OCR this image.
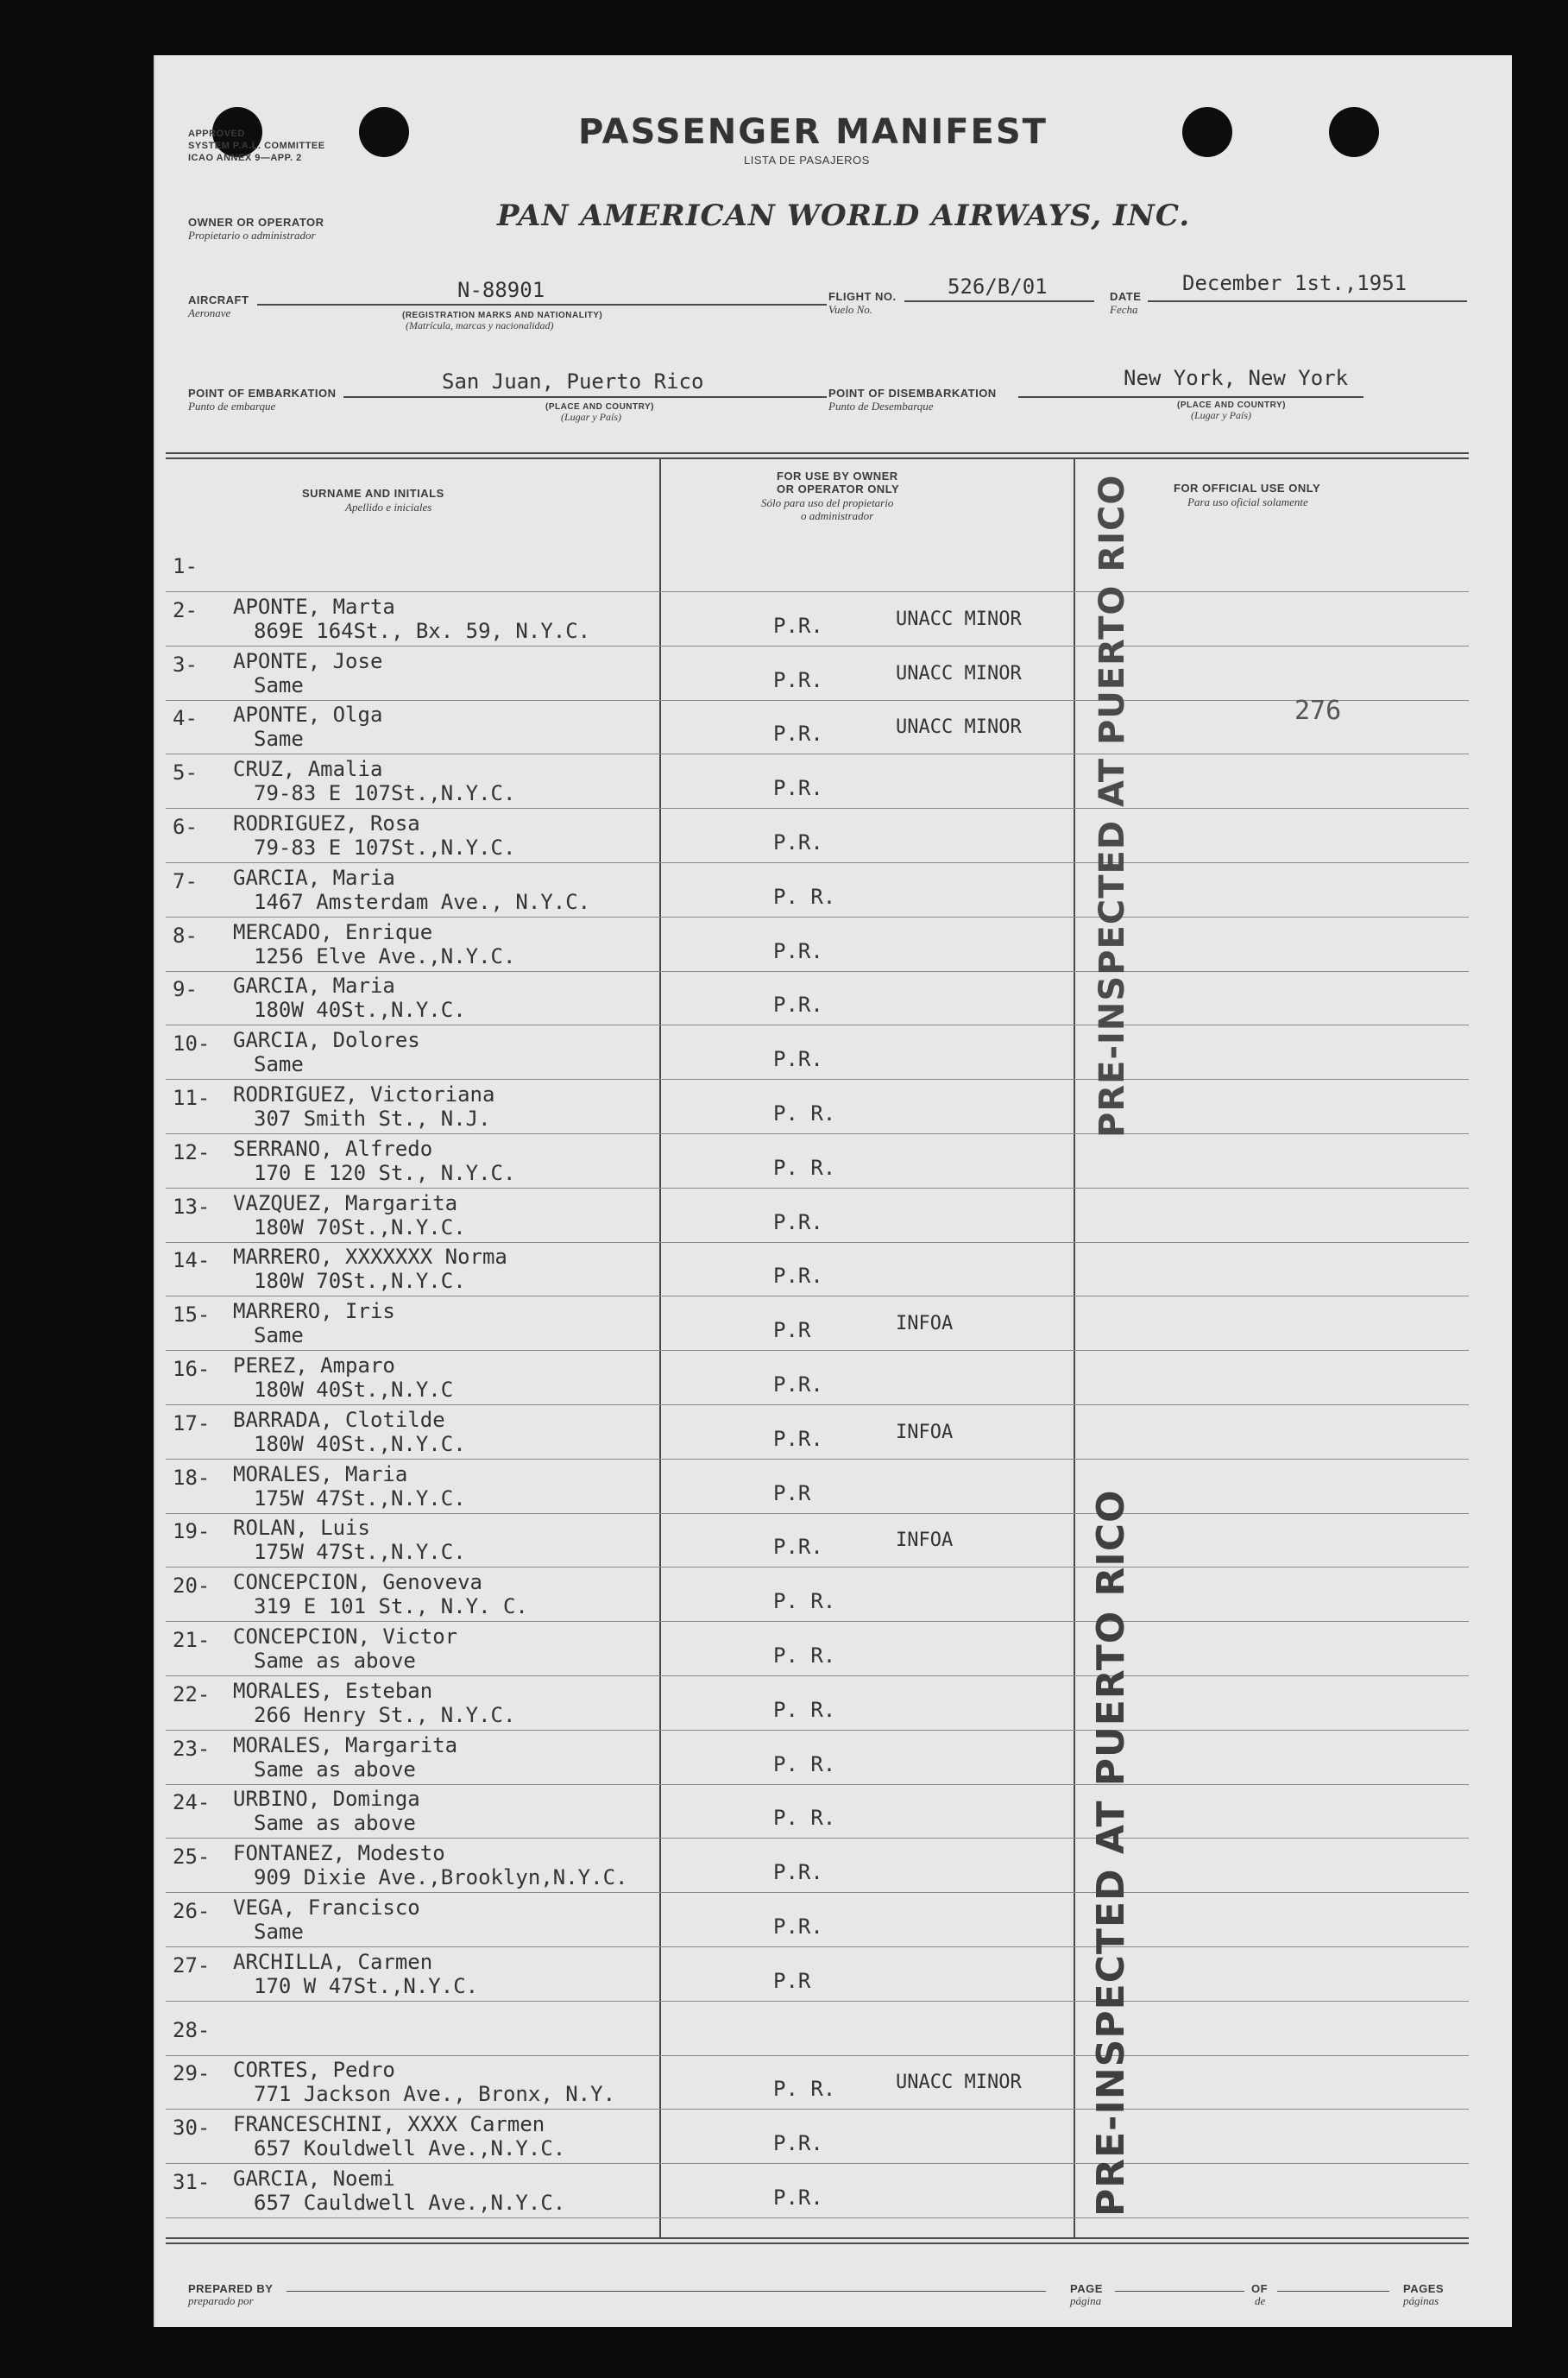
APPROVED
SYSTEM P.A.L. COMMITTEE
ICAO ANNEX 9—APP. 2
PASSENGER MANIFEST
LISTA DE PASAJEROS
OWNER OR OPERATOR
Propietario o administrador
PAN AMERICAN WORLD AIRWAYS, INC.
AIRCRAFT
Aeronave
N-88901
(REGISTRATION MARKS AND NATIONALITY)
(Matrícula, marcas y nacionalidad)
FLIGHT NO.
Vuelo No.
526/B/01	DATE
Fecha
December 1st.,1951
POINT OF EMBARKATION
Punto de embarque
San Juan, Puerto Rico
(PLACE AND COUNTRY)
(Lugar y País)
POINT OF DISEMBARKATION
Punto de Desembarque
New York, New York
(PLACE AND COUNTRY)
(Lugar y País)
SURNAME AND INITIALS
Apellido e iniciales
FOR USE BY OWNER
OR OPERATOR ONLY
Sólo para uso del propietario
o administrador
FOR OFFICIAL USE ONLY
Para uso oficial solamente
1-
2- APONTE, Marta
869E 164St., Bx. 59, N.Y.C.	P.R.	UNACC MINOR
3- APONTE, Jose
Same	P.R.	UNACC MINOR
4- APONTE, Olga
Same	P.R.	UNACC MINOR
5- CRUZ, Amalia
79-83 E 107St.,N.Y.C.	P.R.
6- RODRIGUEZ, Rosa
79-83 E 107St.,N.Y.C.	P.R.
7- GARCIA, Maria
1467 Amsterdam Ave., N.Y.C.	P. R.
8- MERCADO, Enrique
1256 Elve Ave.,N.Y.C.	P.R.
9- GARCIA, Maria
180W 40St.,N.Y.C.	P.R.
10- GARCIA, Dolores
Same	P.R.
11- RODRIGUEZ, Victoriana
307 Smith St., N.J.	P. R.
12- SERRANO, Alfredo
170 E 120 St., N.Y.C.	P. R.
13- VAZQUEZ, Margarita
180W 70St.,N.Y.C.	P.R.
14- MARRERO, XXXXXXX Norma
180W 70St.,N.Y.C.	P.R.
15- MARRERO, Iris
Same	P.R	INFOA
16- PEREZ, Amparo
180W 40St.,N.Y.C	P.R.
17- BARRADA, Clotilde
180W 40St.,N.Y.C.	P.R.	INFOA
18- MORALES, Maria
175W 47St.,N.Y.C.	P.R
19- ROLAN, Luis
175W 47St.,N.Y.C.	P.R.	INFOA
20- CONCEPCION, Genoveva
319 E 101 St., N.Y. C.	P. R.
21- CONCEPCION, Victor
Same as above	P. R.
22- MORALES, Esteban
266 Henry St., N.Y.C.	P. R.
23- MORALES, Margarita
Same as above	P. R.
24- URBINO, Dominga
Same as above	P. R.
25- FONTANEZ, Modesto
909 Dixie Ave.,Brooklyn,N.Y.C.	P.R.
26- VEGA, Francisco
Same	P.R.
27- ARCHILLA, Carmen
170 W 47St.,N.Y.C.	P.R
28-
29- CORTES, Pedro
771 Jackson Ave., Bronx, N.Y.	P. R.	UNACC MINOR
30- FRANCESCHINI, XXXX Carmen
657 Kouldwell Ave.,N.Y.C.	P.R.
31- GARCIA, Noemi
657 Cauldwell Ave.,N.Y.C.	P.R.
276
PRE-INSPECTED AT PUERTO RICO
PRE-INSPECTED AT PUERTO RICO
PREPARED BY
preparado por
PAGE
página
OF
de
PAGES
páginas
